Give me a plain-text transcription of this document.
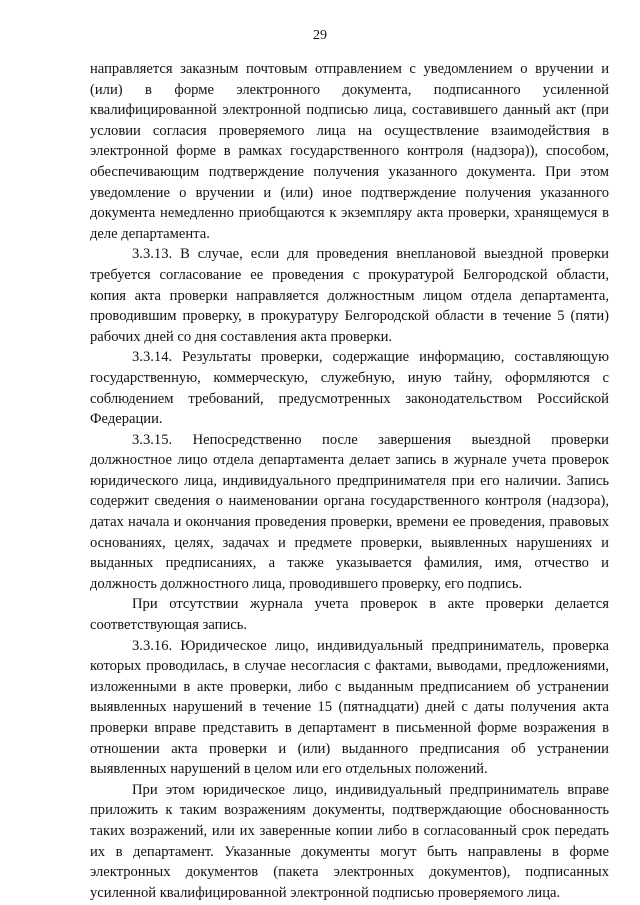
29

направляется заказным почтовым отправлением с уведомлением о вручении и (или) в форме электронного документа, подписанного усиленной квалифицированной электронной подписью лица, составившего данный акт (при условии согласия проверяемого лица на осуществление взаимодействия в электронной форме в рамках государственного контроля (надзора)), способом, обеспечивающим подтверждение получения указанного документа. При этом уведомление о вручении и (или) иное подтверждение получения указанного документа немедленно приобщаются к экземпляру акта проверки, хранящемуся в деле департамента.

3.3.13. В случае, если для проведения внеплановой выездной проверки требуется согласование ее проведения с прокуратурой Белгородской области, копия акта проверки направляется должностным лицом отдела департамента, проводившим проверку, в прокуратуру Белгородской области в течение 5 (пяти) рабочих дней со дня составления акта проверки.

3.3.14. Результаты проверки, содержащие информацию, составляющую государственную, коммерческую, служебную, иную тайну, оформляются с соблюдением требований, предусмотренных законодательством Российской Федерации.

3.3.15. Непосредственно после завершения выездной проверки должностное лицо отдела департамента делает запись в журнале учета проверок юридического лица, индивидуального предпринимателя при его наличии. Запись содержит сведения о наименовании органа государственного контроля (надзора), датах начала и окончания проведения проверки, времени ее проведения, правовых основаниях, целях, задачах и предмете проверки, выявленных нарушениях и выданных предписаниях, а также указывается фамилия, имя, отчество и должность должностного лица, проводившего проверку, его подпись.

При отсутствии журнала учета проверок в акте проверки делается соответствующая запись.

3.3.16. Юридическое лицо, индивидуальный предприниматель, проверка которых проводилась, в случае несогласия с фактами, выводами, предложениями, изложенными в акте проверки, либо с выданным предписанием об устранении выявленных нарушений в течение 15 (пятнадцати) дней с даты получения акта проверки вправе представить в департамент в письменной форме возражения в отношении акта проверки и (или) выданного предписания об устранении выявленных нарушений в целом или его отдельных положений.

При этом юридическое лицо, индивидуальный предприниматель вправе приложить к таким возражениям документы, подтверждающие обоснованность таких возражений, или их заверенные копии либо в согласованный срок передать их в департамент. Указанные документы могут быть направлены в форме электронных документов (пакета электронных документов), подписанных усиленной квалифицированной электронной подписью проверяемого лица.
